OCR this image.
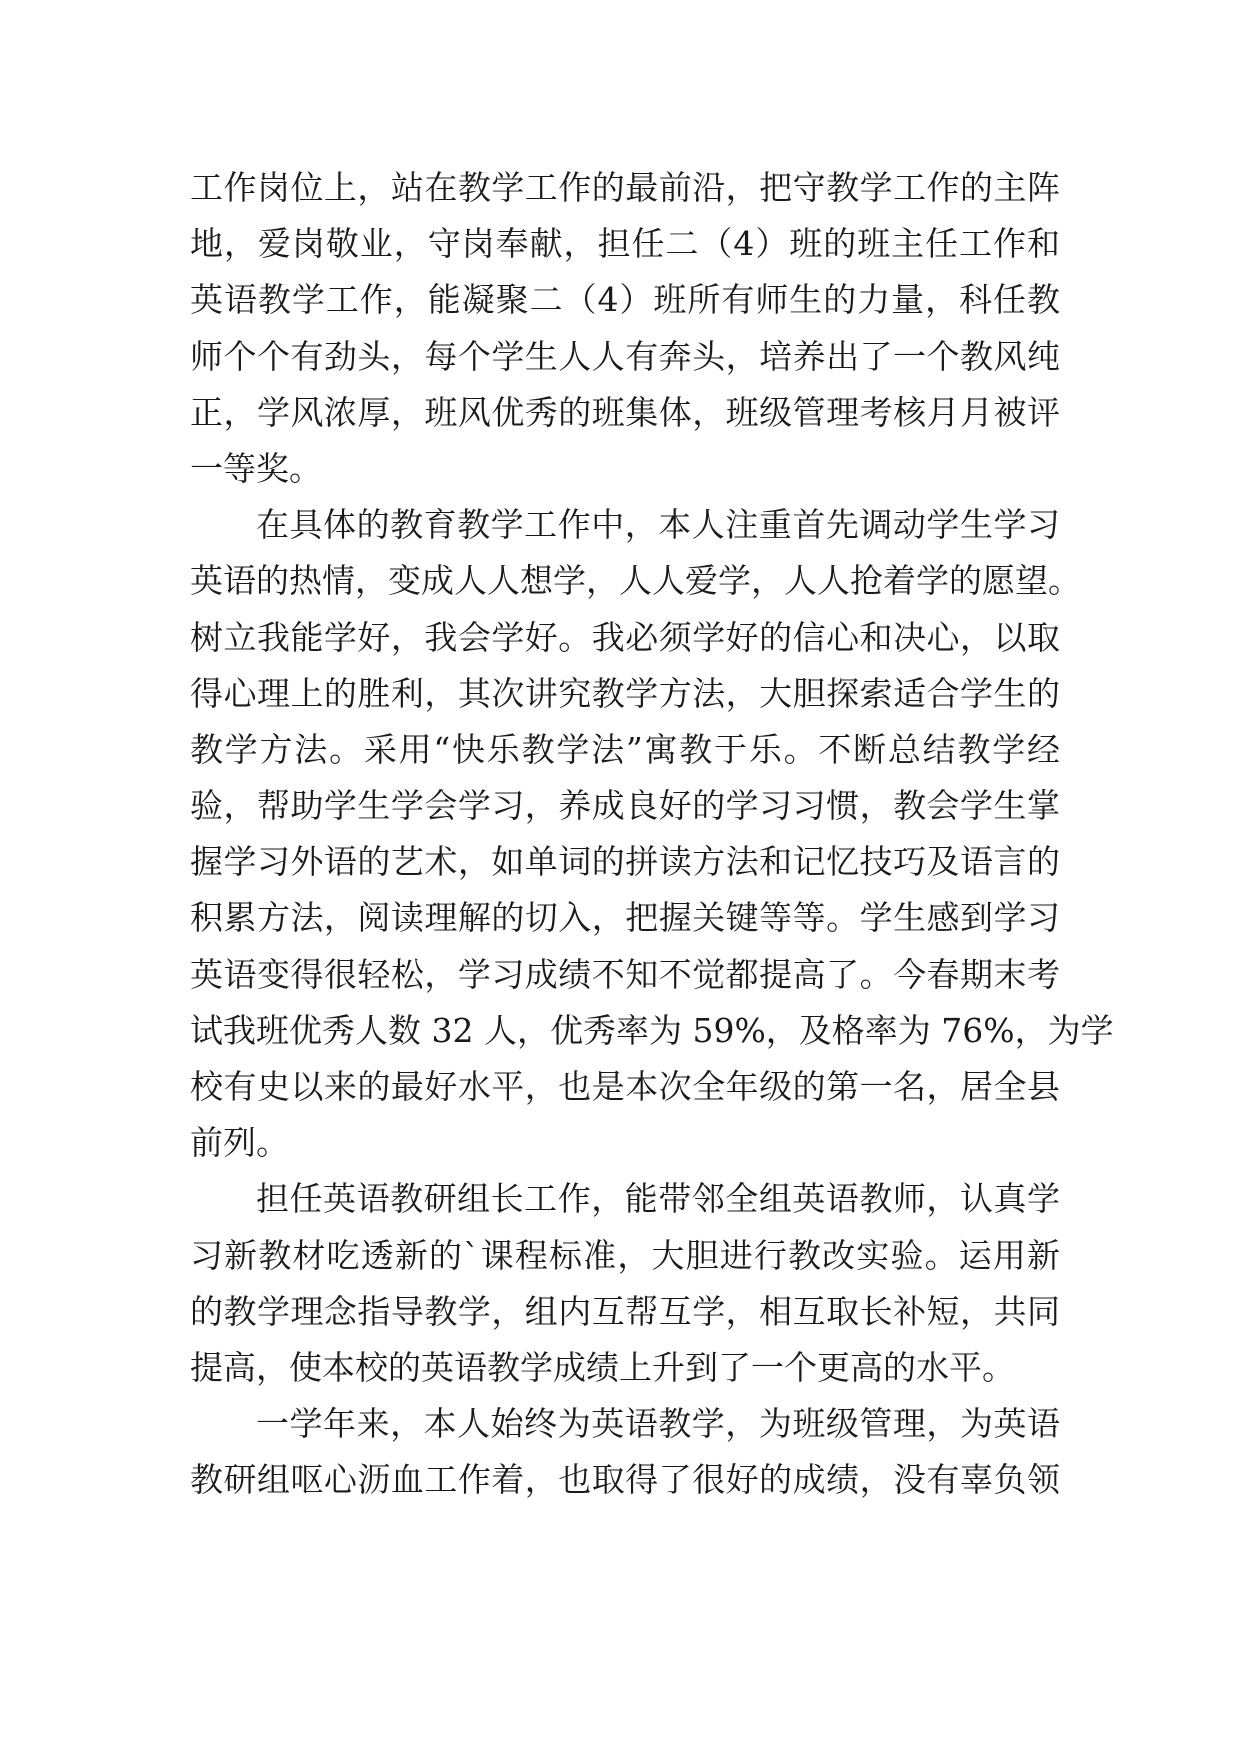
工作岗位上，站在教学工作的最前沿，把守教学工作的主阵
地，爱岗敬业，守岗奉献，担任二（4）班的班主任工作和
英语教学工作，能凝聚二（4）班所有师生的力量，科任教
师个个有劲头，每个学生人人有奔头，培养出了一个教风纯
正，学风浓厚，班风优秀的班集体，班级管理考核月月被评
一等奖。
在具体的教育教学工作中，本人注重首先调动学生学习
英语的热情，变成人人想学，人人爱学，人人抢着学的愿望。
树立我能学好，我会学好。我必须学好的信心和决心，以取
得心理上的胜利，其次讲究教学方法，大胆探索适合学生的
教学方法。采用“快乐教学法”寓教于乐。不断总结教学经
验，帮助学生学会学习，养成良好的学习习惯，教会学生掌
握学习外语的艺术，如单词的拼读方法和记忆技巧及语言的
积累方法，阅读理解的切入，把握关键等等。学生感到学习
英语变得很轻松，学习成绩不知不觉都提高了。今春期末考
试我班优秀人数 32 人，优秀率为 59%，及格率为 76%，为学
校有史以来的最好水平，也是本次全年级的第一名，居全县
前列。
担任英语教研组长工作，能带邻全组英语教师，认真学
习新教材吃透新的`课程标准，大胆进行教改实验。运用新
的教学理念指导教学，组内互帮互学，相互取长补短，共同
提高，使本校的英语教学成绩上升到了一个更高的水平。
一学年来，本人始终为英语教学，为班级管理，为英语
教研组呕心沥血工作着，也取得了很好的成绩，没有辜负领
